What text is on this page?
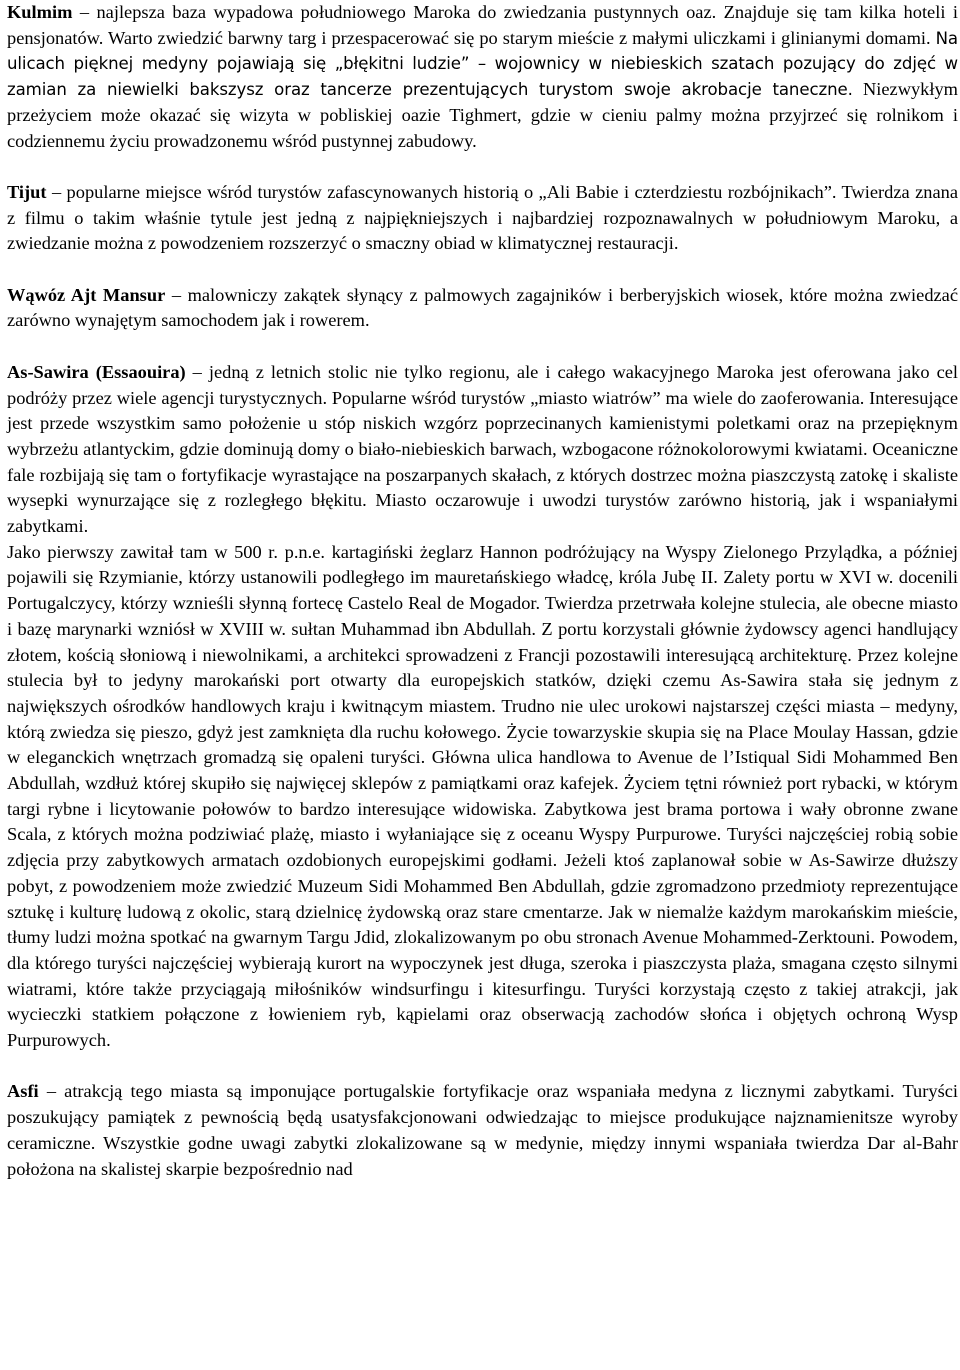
Kulmim – najlepsza baza wypadowa południowego Maroka do zwiedzania pustynnych oaz. Znajduje się tam kilka hoteli i pensjonatów. Warto zwiedzić barwny targ i przespacerować się po starym mieście z małymi uliczkami i glinianymi domami. Na ulicach pięknej medyny pojawiają się „błękitni ludzie” – wojownicy w niebieskich szatach pozujący do zdjęć w zamian za niewielki bakszysz oraz tancerze prezentujących turystom swoje akrobacje taneczne. Niezwykłym przeżyciem może okazać się wizyta w pobliskiej oazie Tighmert, gdzie w cieniu palmy można przyjrzeć się rolnikom i codziennemu życiu prowadzonemu wśród pustynnej zabudowy.

Tijut – popularne miejsce wśród turystów zafascynowanych historią o „Ali Babie i czterdziestu rozbójnikach”. Twierdza znana z filmu o takim właśnie tytule jest jedną z najpiękniejszych i najbardziej rozpoznawalnych w południowym Maroku, a zwiedzanie można z powodzeniem rozszerzyć o smaczny obiad w klimatycznej restauracji.

Wąwóz Ajt Mansur – malowniczy zakątek słynący z palmowych zagajników i berberyjskich wiosek, które można zwiedzać zarówno wynajętym samochodem jak i rowerem.

As-Sawira (Essaouira) – jedną z letnich stolic nie tylko regionu, ale i całego wakacyjnego Maroka jest oferowana jako cel podróży przez wiele agencji turystycznych. Popularne wśród turystów „miasto wiatrów” ma wiele do zaoferowania. Interesujące jest przede wszystkim samo położenie u stóp niskich wzgórz poprzecinanych kamienistymi poletkami oraz na przepięknym wybrzeżu atlantyckim, gdzie dominują domy o biało-niebieskich barwach, wzbogacone różnokolorowymi kwiatami. Oceaniczne fale rozbijają się tam o fortyfikacje wyrastające na poszarpanych skałach, z których dostrzec można piaszczystą zatokę i skaliste wysepki wynurzające się z rozległego błękitu. Miasto oczarowuje i uwodzi turystów zarówno historią, jak i wspaniałymi zabytkami.

Jako pierwszy zawitał tam w 500 r. p.n.e. kartagiński żeglarz Hannon podróżujący na Wyspy Zielonego Przylądka, a później pojawili się Rzymianie, którzy ustanowili podległego im mauretańskiego władcę, króla Jubę II. Zalety portu w XVI w. docenili Portugalczycy, którzy wznieśli słynną fortecę Castelo Real de Mogador. Twierdza przetrwała kolejne stulecia, ale obecne miasto i bazę marynarki wzniósł w XVIII w. sułtan Muhammad ibn Abdullah. Z portu korzystali głównie żydowscy agenci handlujący złotem, kością słoniową i niewolnikami, a architekci sprowadzeni z Francji pozostawili interesującą architekturę. Przez kolejne stulecia był to jedyny marokański port otwarty dla europejskich statków, dzięki czemu As-Sawira stała się jednym z największych ośrodków handlowych kraju i kwitnącym miastem. Trudno nie ulec urokowi najstarszej części miasta – medyny, którą zwiedza się pieszo, gdyż jest zamknięta dla ruchu kołowego. Życie towarzyskie skupia się na Place Moulay Hassan, gdzie w eleganckich wnętrzach gromadzą się opaleni turyści. Główna ulica handlowa to Avenue de l’Istiqual Sidi Mohammed Ben Abdullah, wzdłuż której skupiło się najwięcej sklepów z pamiątkami oraz kafejek. Życiem tętni również port rybacki, w którym targi rybne i licytowanie połowów to bardzo interesujące widowiska. Zabytkowa jest brama portowa i wały obronne zwane Scala, z których można podziwiać plażę, miasto i wyłaniające się z oceanu Wyspy Purpurowe. Turyści najczęściej robią sobie zdjęcia przy zabytkowych armatach ozdobionych europejskimi godłami. Jeżeli ktoś zaplanował sobie w As-Sawirze dłuższy pobyt, z powodzeniem może zwiedzić Muzeum Sidi Mohammed Ben Abdullah, gdzie zgromadzono przedmioty reprezentujące sztukę i kulturę ludową z okolic, starą dzielnicę żydowską oraz stare cmentarze. Jak w niemalże każdym marokańskim mieście, tłumy ludzi można spotkać na gwarnym Targu Jdid, zlokalizowanym po obu stronach Avenue Mohammed-Zerktouni. Powodem, dla którego turyści najczęściej wybierają kurort na wypoczynek jest długa, szeroka i piaszczysta plaża, smagana często silnymi wiatrami, które także przyciągają miłośników windsurfingu i kitesurfingu. Turyści korzystają często z takiej atrakcji, jak wycieczki statkiem połączone z łowieniem ryb, kąpielami oraz obserwacją zachodów słońca i objętych ochroną Wysp Purpurowych.

Asfi – atrakcją tego miasta są imponujące portugalskie fortyfikacje oraz wspaniała medyna z licznymi zabytkami. Turyści poszukujący pamiątek z pewnością będą usatysfakcjonowani odwiedzając to miejsce produkujące najznamienitsze wyroby ceramiczne. Wszystkie godne uwagi zabytki zlokalizowane są w medynie, między innymi wspaniała twierdza Dar al-Bahr położona na skalistej skarpie bezpośrednio nad
